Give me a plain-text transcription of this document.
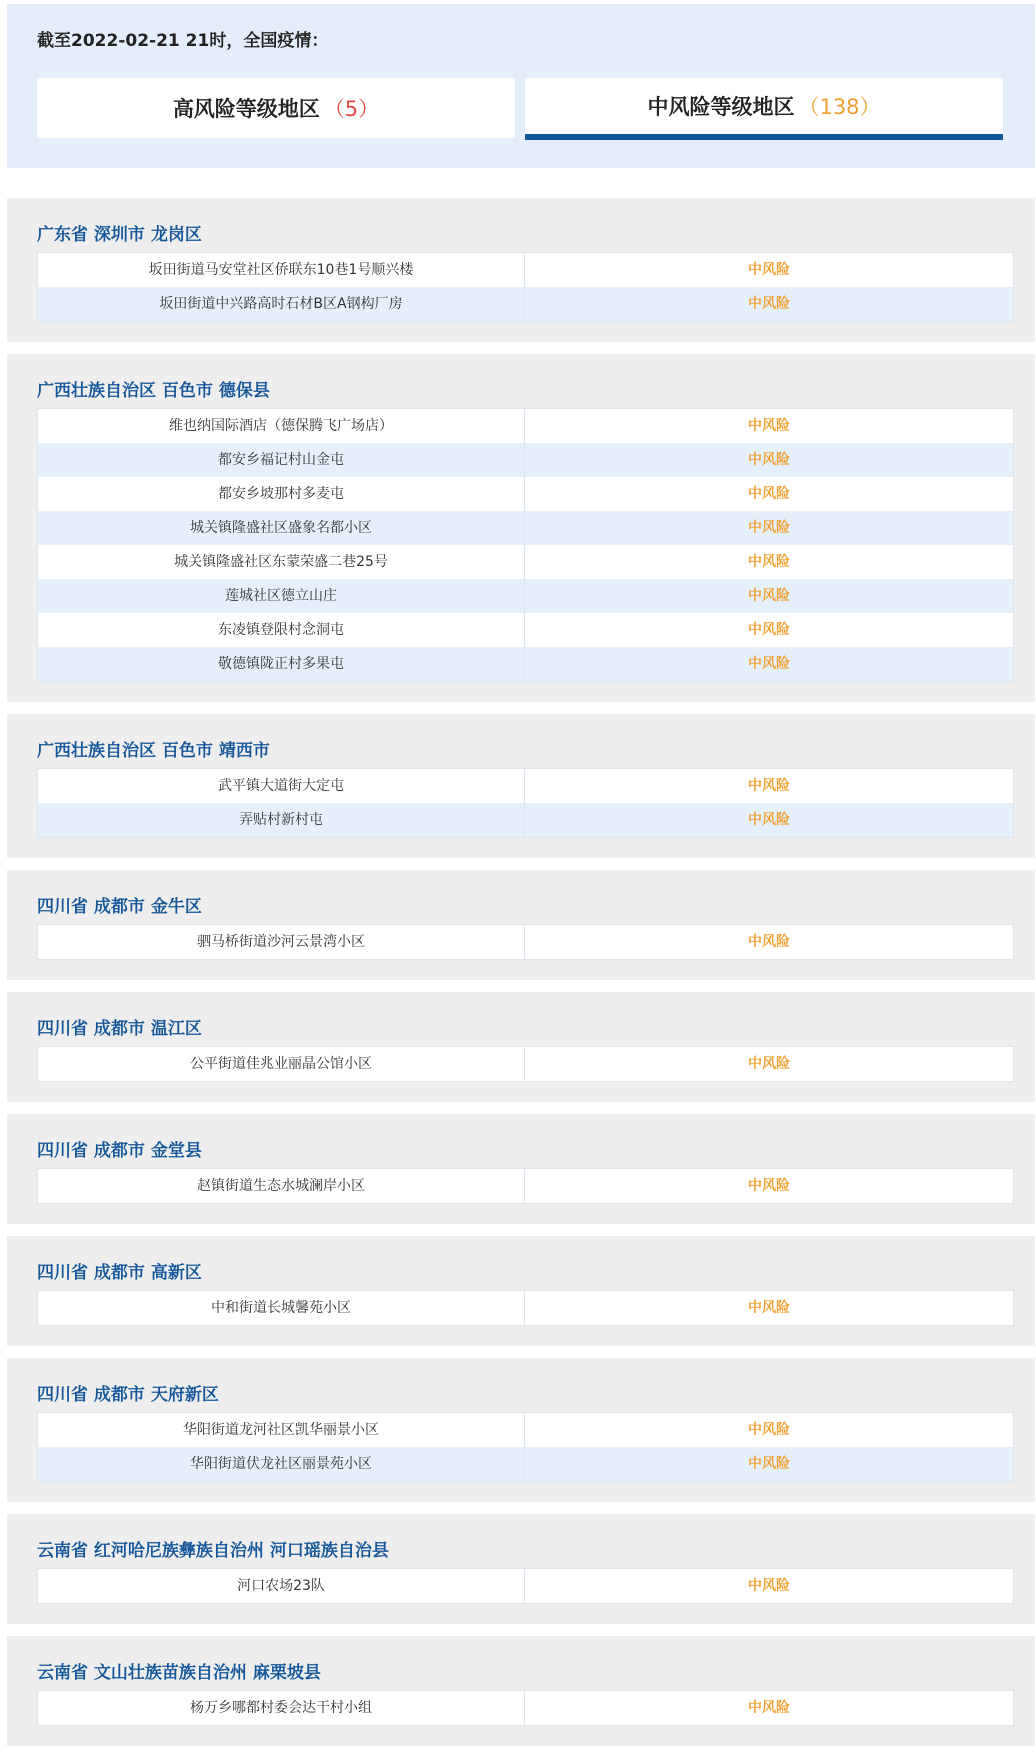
截至2022-02-21 21时，全国疫情：
高风险等级地区 （5）	中风险等级地区 （138）
广东省 深圳市 龙岗区
坂田街道马安堂社区侨联东10巷1号顺兴楼	中风险
坂田街道中兴路高时石材B区A钢构厂房	中风险
广西壮族自治区 百色市 德保县
维也纳国际酒店（德保腾飞广场店）	中风险
都安乡福记村山金屯	中风险
都安乡坡那村多麦屯	中风险
城关镇隆盛社区盛象名都小区	中风险
城关镇隆盛社区东蒙荣盛二巷25号	中风险
莲城社区德立山庄	中风险
东凌镇登限村念洞屯	中风险
敬德镇陇正村多果屯	中风险
广西壮族自治区 百色市 靖西市
武平镇大道街大定屯	中风险
弄贴村新村屯	中风险
四川省 成都市 金牛区
驷马桥街道沙河云景湾小区	中风险
四川省 成都市 温江区
公平街道佳兆业丽晶公馆小区	中风险
四川省 成都市 金堂县
赵镇街道生态水城澜岸小区	中风险
四川省 成都市 高新区
中和街道长城馨苑小区	中风险
四川省 成都市 天府新区
华阳街道龙河社区凯华丽景小区	中风险
华阳街道伏龙社区丽景苑小区	中风险
云南省 红河哈尼族彝族自治州 河口瑶族自治县
河口农场23队	中风险
云南省 文山壮族苗族自治州 麻栗坡县
杨万乡哪都村委会达干村小组	中风险
